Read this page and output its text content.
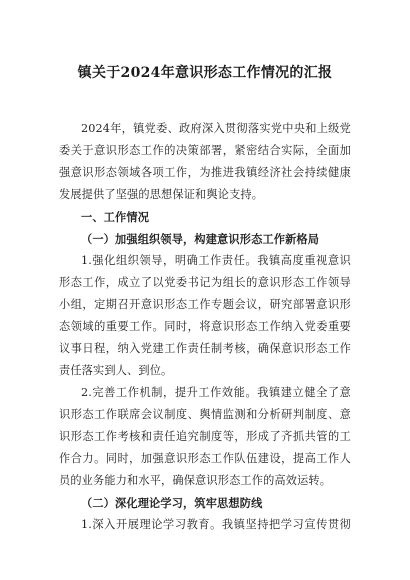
镇关于2024年意识形态工作情况的汇报
2024年，镇党委、政府深入贯彻落实党中央和上级党
委关于意识形态工作的决策部署，紧密结合实际，全面加
强意识形态领域各项工作，为推进我镇经济社会持续健康
发展提供了坚强的思想保证和舆论支持。
一、工作情况
（一）加强组织领导，构建意识形态工作新格局
1.强化组织领导，明确工作责任。我镇高度重视意识
形态工作，成立了以党委书记为组长的意识形态工作领导
小组，定期召开意识形态工作专题会议，研究部署意识形
态领域的重要工作。同时，将意识形态工作纳入党委重要
议事日程，纳入党建工作责任制考核，确保意识形态工作
责任落实到人、到位。
2.完善工作机制，提升工作效能。我镇建立健全了意
识形态工作联席会议制度、舆情监测和分析研判制度、意
识形态工作考核和责任追究制度等，形成了齐抓共管的工
作合力。同时，加强意识形态工作队伍建设，提高工作人
员的业务能力和水平，确保意识形态工作的高效运转。
（二）深化理论学习，筑牢思想防线
1.深入开展理论学习教育。我镇坚持把学习宣传贯彻
